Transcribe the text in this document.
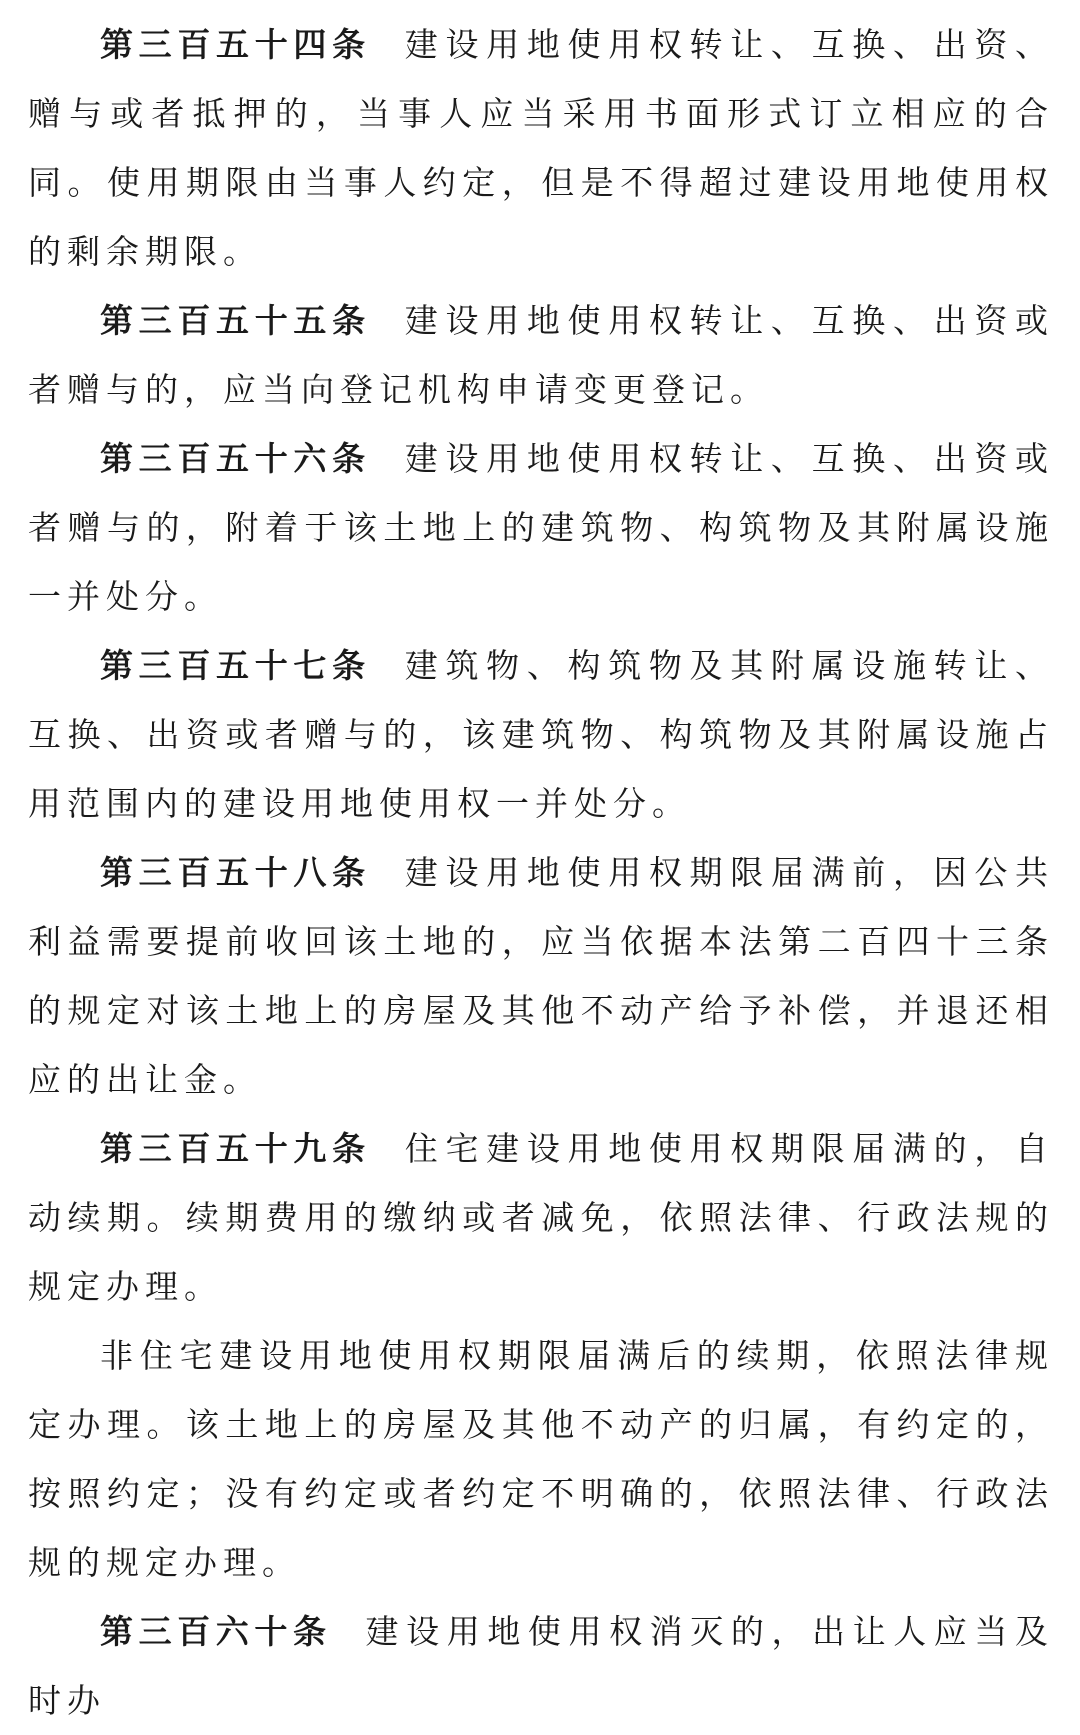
第三百五十四条 建设用地使用权转让、互换、出资、赠与或者抵押的，当事人应当采用书面形式订立相应的合同。使用期限由当事人约定，但是不得超过建设用地使用权的剩余期限。

第三百五十五条 建设用地使用权转让、互换、出资或者赠与的，应当向登记机构申请变更登记。

第三百五十六条 建设用地使用权转让、互换、出资或者赠与的，附着于该土地上的建筑物、构筑物及其附属设施一并处分。

第三百五十七条 建筑物、构筑物及其附属设施转让、互换、出资或者赠与的，该建筑物、构筑物及其附属设施占用范围内的建设用地使用权一并处分。

第三百五十八条 建设用地使用权期限届满前，因公共利益需要提前收回该土地的，应当依据本法第二百四十三条的规定对该土地上的房屋及其他不动产给予补偿，并退还相应的出让金。

第三百五十九条 住宅建设用地使用权期限届满的，自动续期。续期费用的缴纳或者减免，依照法律、行政法规的规定办理。

非住宅建设用地使用权期限届满后的续期，依照法律规定办理。该土地上的房屋及其他不动产的归属，有约定的，按照约定；没有约定或者约定不明确的，依照法律、行政法规的规定办理。

第三百六十条 建设用地使用权消灭的，出让人应当及时办
